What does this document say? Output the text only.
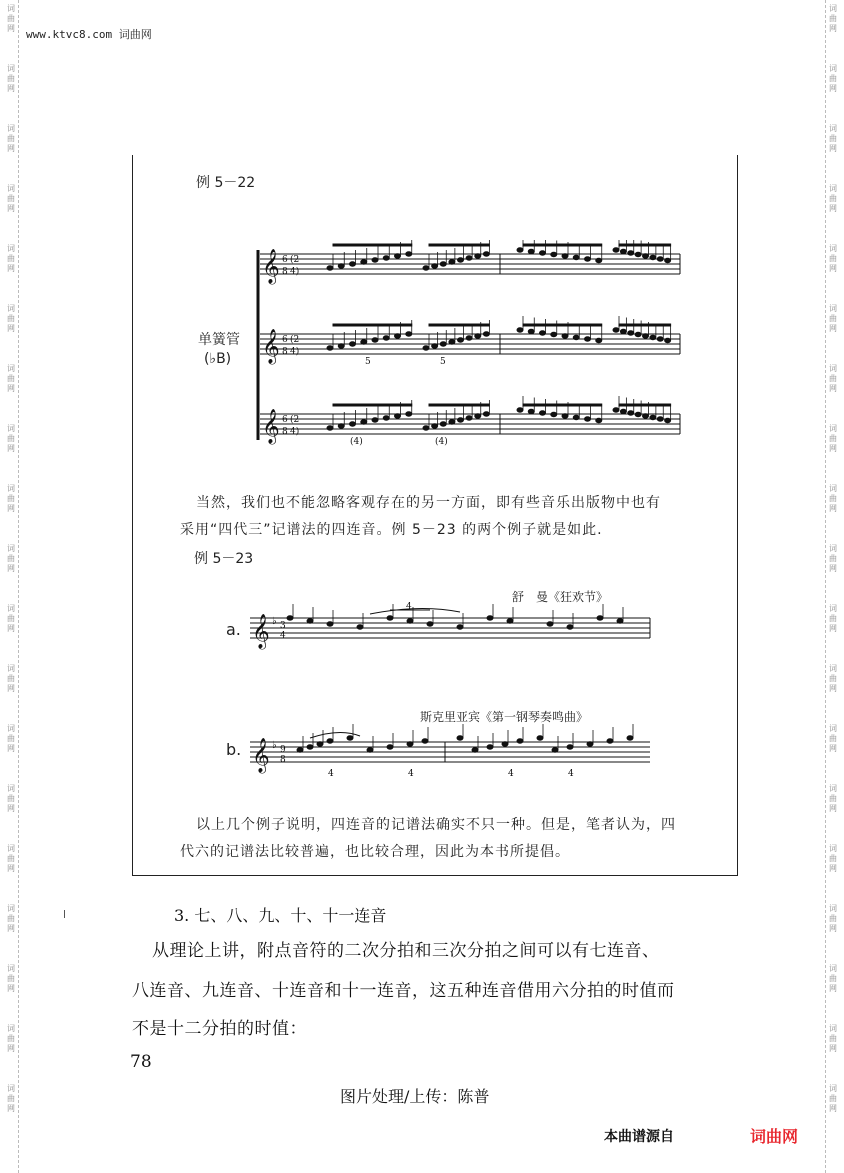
词
曲
网
词
曲
网
词
曲
网
词
曲
网
词
曲
网
词
曲
网
词
曲
网
词
曲
网
词
曲
网
词
曲
网
词
曲
网
词
曲
网
词
曲
网
词
曲
网
词
曲
网
词
曲
网
词
曲
网
词
曲
网
词
曲
网
词
曲
网
词
曲
网
词
曲
网
词
曲
网
词
曲
网
词
曲
网
词
曲
网
词
曲
网
词
曲
网
词
曲
网
词
曲
网
词
曲
网
词
曲
网
词
曲
网
词
曲
网
词
曲
网
词
曲
网
词
曲
网
词
曲
网
www.ktvc8.com 词曲网
例 5－22
𝄞
𝄞
𝄞
6
8
(2
4)
6
8
(2
4)
6
8
(2
4)
5	5
(4)	(4)
单簧管
(♭B)
当然，我们也不能忽略客观存在的另一方面，即有些音乐出版物中也有
采用“四代三”记谱法的四连音。例 5－23 的两个例子就是如此.
例 5－23
舒　曼《狂欢节》
a. 𝄞 ♭ 3
4
4
斯克里亚宾《第一钢琴奏鸣曲》
b. 𝄞 ♭ 9
8
4	4	4	4
以上几个例子说明，四连音的记谱法确实不只一种。但是，笔者认为，四
代六的记谱法比较普遍，也比较合理，因此为本书所提倡。
3. 七、八、九、十、十一连音
从理论上讲，附点音符的二次分拍和三次分拍之间可以有七连音、
八连音、九连音、十连音和十一连音，这五种连音借用六分拍的时值而
不是十二分拍的时值：
78
图片处理/上传：陈普
本曲谱源自	词曲网
